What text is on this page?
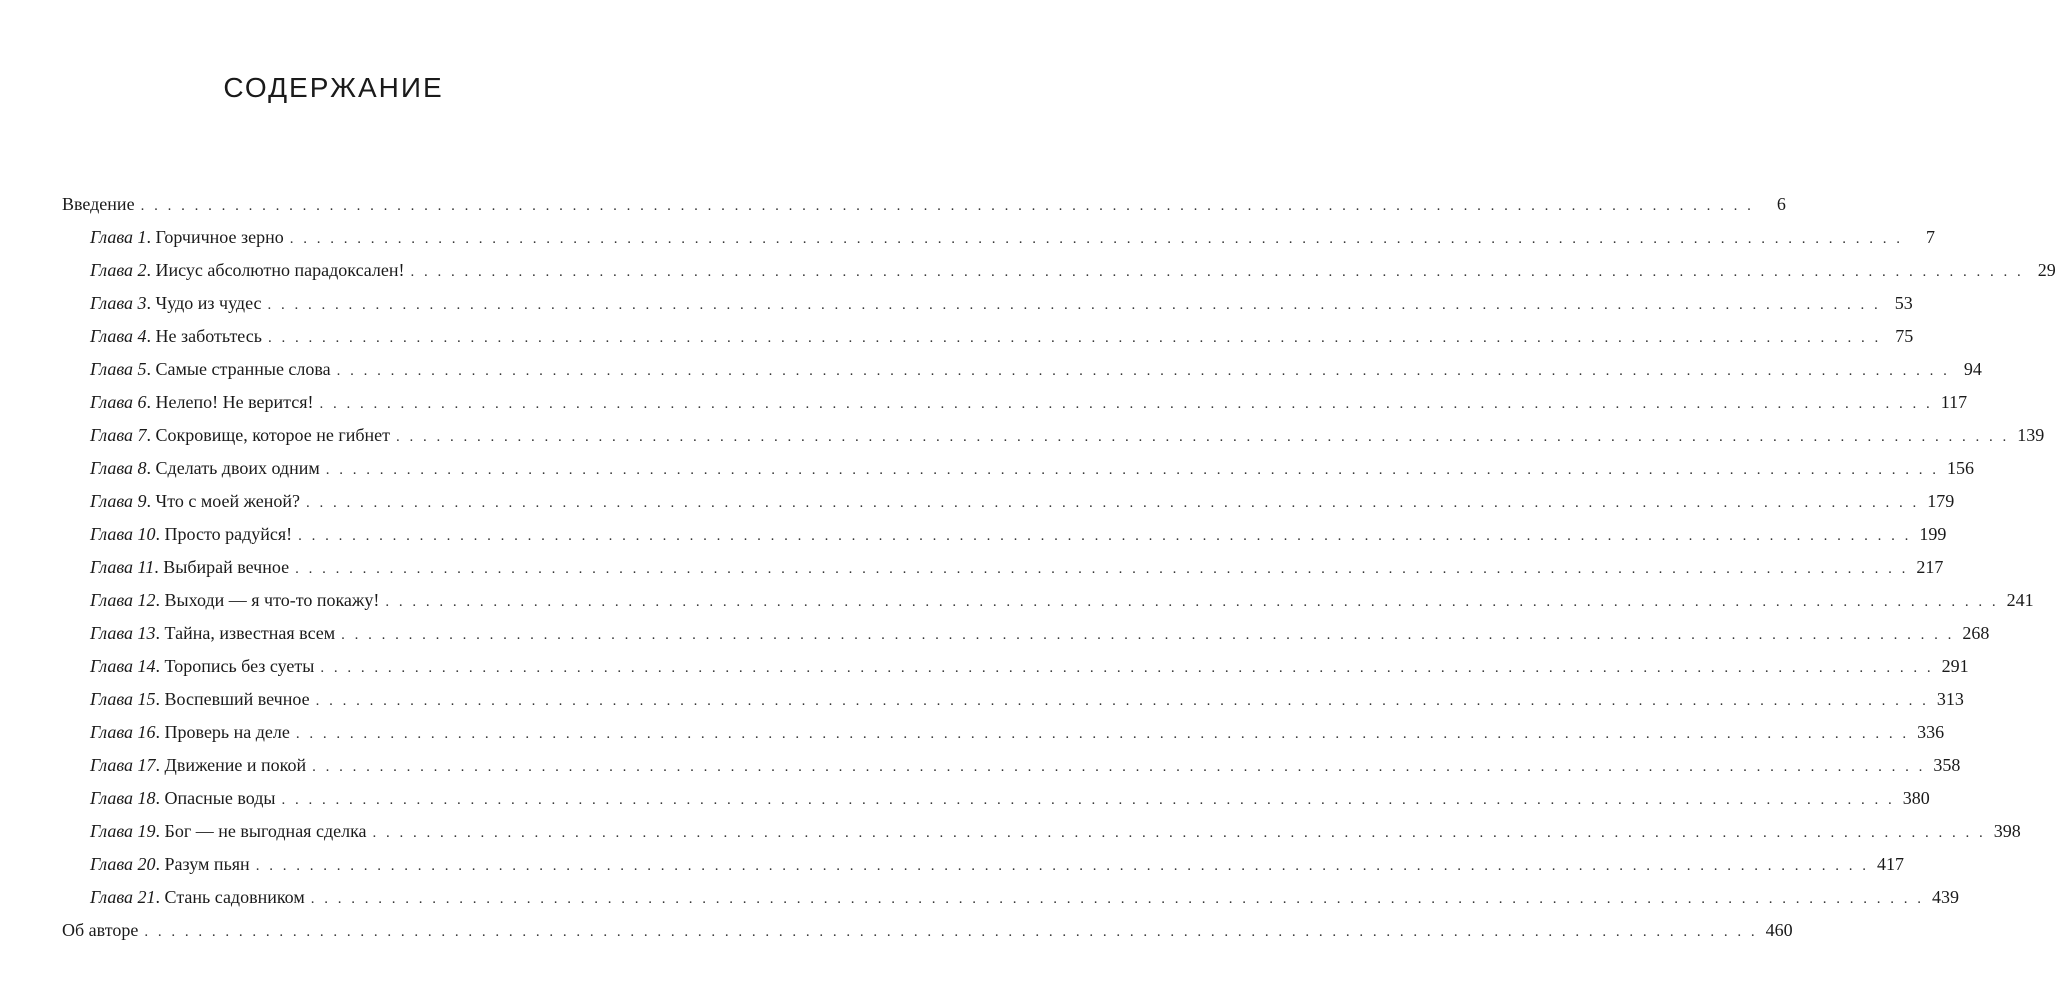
СОДЕРЖАНИЕ
Введение . . . . . . . . . . . . . . . . . . . . . . . . . . . . . . . . . . . . . . . . . . . . . . . . . . . . . . . . . . . . . . . . . . . . . . . . . . . . . . . . . . . . . . . . . . . . . . . . . . . . . . . . . . . . . . . . . . . . . . . .	6
Глава 1. Горчичное зерно . . . . . . . . . . . . . . . . . . . . . . . . . . . . . . . . . . . . . . . . . . . . . . . . . . . . . . . . . . . . . . . . . . . . . . . . . . . . . . . . . . . . . . . . . . . . . . . . . . . . . . . . . . . . . . . . . . . . . . . .	7
Глава 2. Иисус абсолютно парадоксален! . . . . . . . . . . . . . . . . . . . . . . . . . . . . . . . . . . . . . . . . . . . . . . . . . . . . . . . . . . . . . . . . . . . . . . . . . . . . . . . . . . . . . . . . . . . . . . . . . . . . . . . . . . . . . . . . . . . . . . . . 29
Глава 3. Чудо из чудес . . . . . . . . . . . . . . . . . . . . . . . . . . . . . . . . . . . . . . . . . . . . . . . . . . . . . . . . . . . . . . . . . . . . . . . . . . . . . . . . . . . . . . . . . . . . . . . . . . . . . . . . . . . . . . . . . . . . . . . . 53
Глава 4. Не заботьтесь . . . . . . . . . . . . . . . . . . . . . . . . . . . . . . . . . . . . . . . . . . . . . . . . . . . . . . . . . . . . . . . . . . . . . . . . . . . . . . . . . . . . . . . . . . . . . . . . . . . . . . . . . . . . . . . . . . . . . . . . 75
Глава 5. Самые странные слова . . . . . . . . . . . . . . . . . . . . . . . . . . . . . . . . . . . . . . . . . . . . . . . . . . . . . . . . . . . . . . . . . . . . . . . . . . . . . . . . . . . . . . . . . . . . . . . . . . . . . . . . . . . . . . . . . . . . . . . . 94
Глава 6. Нелепо! Не верится! . . . . . . . . . . . . . . . . . . . . . . . . . . . . . . . . . . . . . . . . . . . . . . . . . . . . . . . . . . . . . . . . . . . . . . . . . . . . . . . . . . . . . . . . . . . . . . . . . . . . . . . . . . . . . . . . . . . . . . . . 117
Глава 7. Сокровище, которое не гибнет . . . . . . . . . . . . . . . . . . . . . . . . . . . . . . . . . . . . . . . . . . . . . . . . . . . . . . . . . . . . . . . . . . . . . . . . . . . . . . . . . . . . . . . . . . . . . . . . . . . . . . . . . . . . . . . . . . . . . . . . 139
Глава 8. Сделать двоих одним . . . . . . . . . . . . . . . . . . . . . . . . . . . . . . . . . . . . . . . . . . . . . . . . . . . . . . . . . . . . . . . . . . . . . . . . . . . . . . . . . . . . . . . . . . . . . . . . . . . . . . . . . . . . . . . . . . . . . . . . 156
Глава 9. Что с моей женой? . . . . . . . . . . . . . . . . . . . . . . . . . . . . . . . . . . . . . . . . . . . . . . . . . . . . . . . . . . . . . . . . . . . . . . . . . . . . . . . . . . . . . . . . . . . . . . . . . . . . . . . . . . . . . . . . . . . . . . . . 179
Глава 10. Просто радуйся! . . . . . . . . . . . . . . . . . . . . . . . . . . . . . . . . . . . . . . . . . . . . . . . . . . . . . . . . . . . . . . . . . . . . . . . . . . . . . . . . . . . . . . . . . . . . . . . . . . . . . . . . . . . . . . . . . . . . . . . . 199
Глава 11. Выбирай вечное . . . . . . . . . . . . . . . . . . . . . . . . . . . . . . . . . . . . . . . . . . . . . . . . . . . . . . . . . . . . . . . . . . . . . . . . . . . . . . . . . . . . . . . . . . . . . . . . . . . . . . . . . . . . . . . . . . . . . . . . 217
Глава 12. Выходи — я что-то покажу! . . . . . . . . . . . . . . . . . . . . . . . . . . . . . . . . . . . . . . . . . . . . . . . . . . . . . . . . . . . . . . . . . . . . . . . . . . . . . . . . . . . . . . . . . . . . . . . . . . . . . . . . . . . . . . . . . . . . . . . . 241
Глава 13. Тайна, известная всем . . . . . . . . . . . . . . . . . . . . . . . . . . . . . . . . . . . . . . . . . . . . . . . . . . . . . . . . . . . . . . . . . . . . . . . . . . . . . . . . . . . . . . . . . . . . . . . . . . . . . . . . . . . . . . . . . . . . . . . . 268
Глава 14. Торопись без суеты . . . . . . . . . . . . . . . . . . . . . . . . . . . . . . . . . . . . . . . . . . . . . . . . . . . . . . . . . . . . . . . . . . . . . . . . . . . . . . . . . . . . . . . . . . . . . . . . . . . . . . . . . . . . . . . . . . . . . . . . 291
Глава 15. Воспевший вечное . . . . . . . . . . . . . . . . . . . . . . . . . . . . . . . . . . . . . . . . . . . . . . . . . . . . . . . . . . . . . . . . . . . . . . . . . . . . . . . . . . . . . . . . . . . . . . . . . . . . . . . . . . . . . . . . . . . . . . . . 313
Глава 16. Проверь на деле . . . . . . . . . . . . . . . . . . . . . . . . . . . . . . . . . . . . . . . . . . . . . . . . . . . . . . . . . . . . . . . . . . . . . . . . . . . . . . . . . . . . . . . . . . . . . . . . . . . . . . . . . . . . . . . . . . . . . . . . 336
Глава 17. Движение и покой . . . . . . . . . . . . . . . . . . . . . . . . . . . . . . . . . . . . . . . . . . . . . . . . . . . . . . . . . . . . . . . . . . . . . . . . . . . . . . . . . . . . . . . . . . . . . . . . . . . . . . . . . . . . . . . . . . . . . . . . 358
Глава 18. Опасные воды . . . . . . . . . . . . . . . . . . . . . . . . . . . . . . . . . . . . . . . . . . . . . . . . . . . . . . . . . . . . . . . . . . . . . . . . . . . . . . . . . . . . . . . . . . . . . . . . . . . . . . . . . . . . . . . . . . . . . . . . 380
Глава 19. Бог — не выгодная сделка . . . . . . . . . . . . . . . . . . . . . . . . . . . . . . . . . . . . . . . . . . . . . . . . . . . . . . . . . . . . . . . . . . . . . . . . . . . . . . . . . . . . . . . . . . . . . . . . . . . . . . . . . . . . . . . . . . . . . . . . 398
Глава 20. Разум пьян . . . . . . . . . . . . . . . . . . . . . . . . . . . . . . . . . . . . . . . . . . . . . . . . . . . . . . . . . . . . . . . . . . . . . . . . . . . . . . . . . . . . . . . . . . . . . . . . . . . . . . . . . . . . . . . . . . . . . . . . 417
Глава 21. Стань садовником . . . . . . . . . . . . . . . . . . . . . . . . . . . . . . . . . . . . . . . . . . . . . . . . . . . . . . . . . . . . . . . . . . . . . . . . . . . . . . . . . . . . . . . . . . . . . . . . . . . . . . . . . . . . . . . . . . . . . . . . 439
Об авторе . . . . . . . . . . . . . . . . . . . . . . . . . . . . . . . . . . . . . . . . . . . . . . . . . . . . . . . . . . . . . . . . . . . . . . . . . . . . . . . . . . . . . . . . . . . . . . . . . . . . . . . . . . . . . . . . . . . . . . . . 460
